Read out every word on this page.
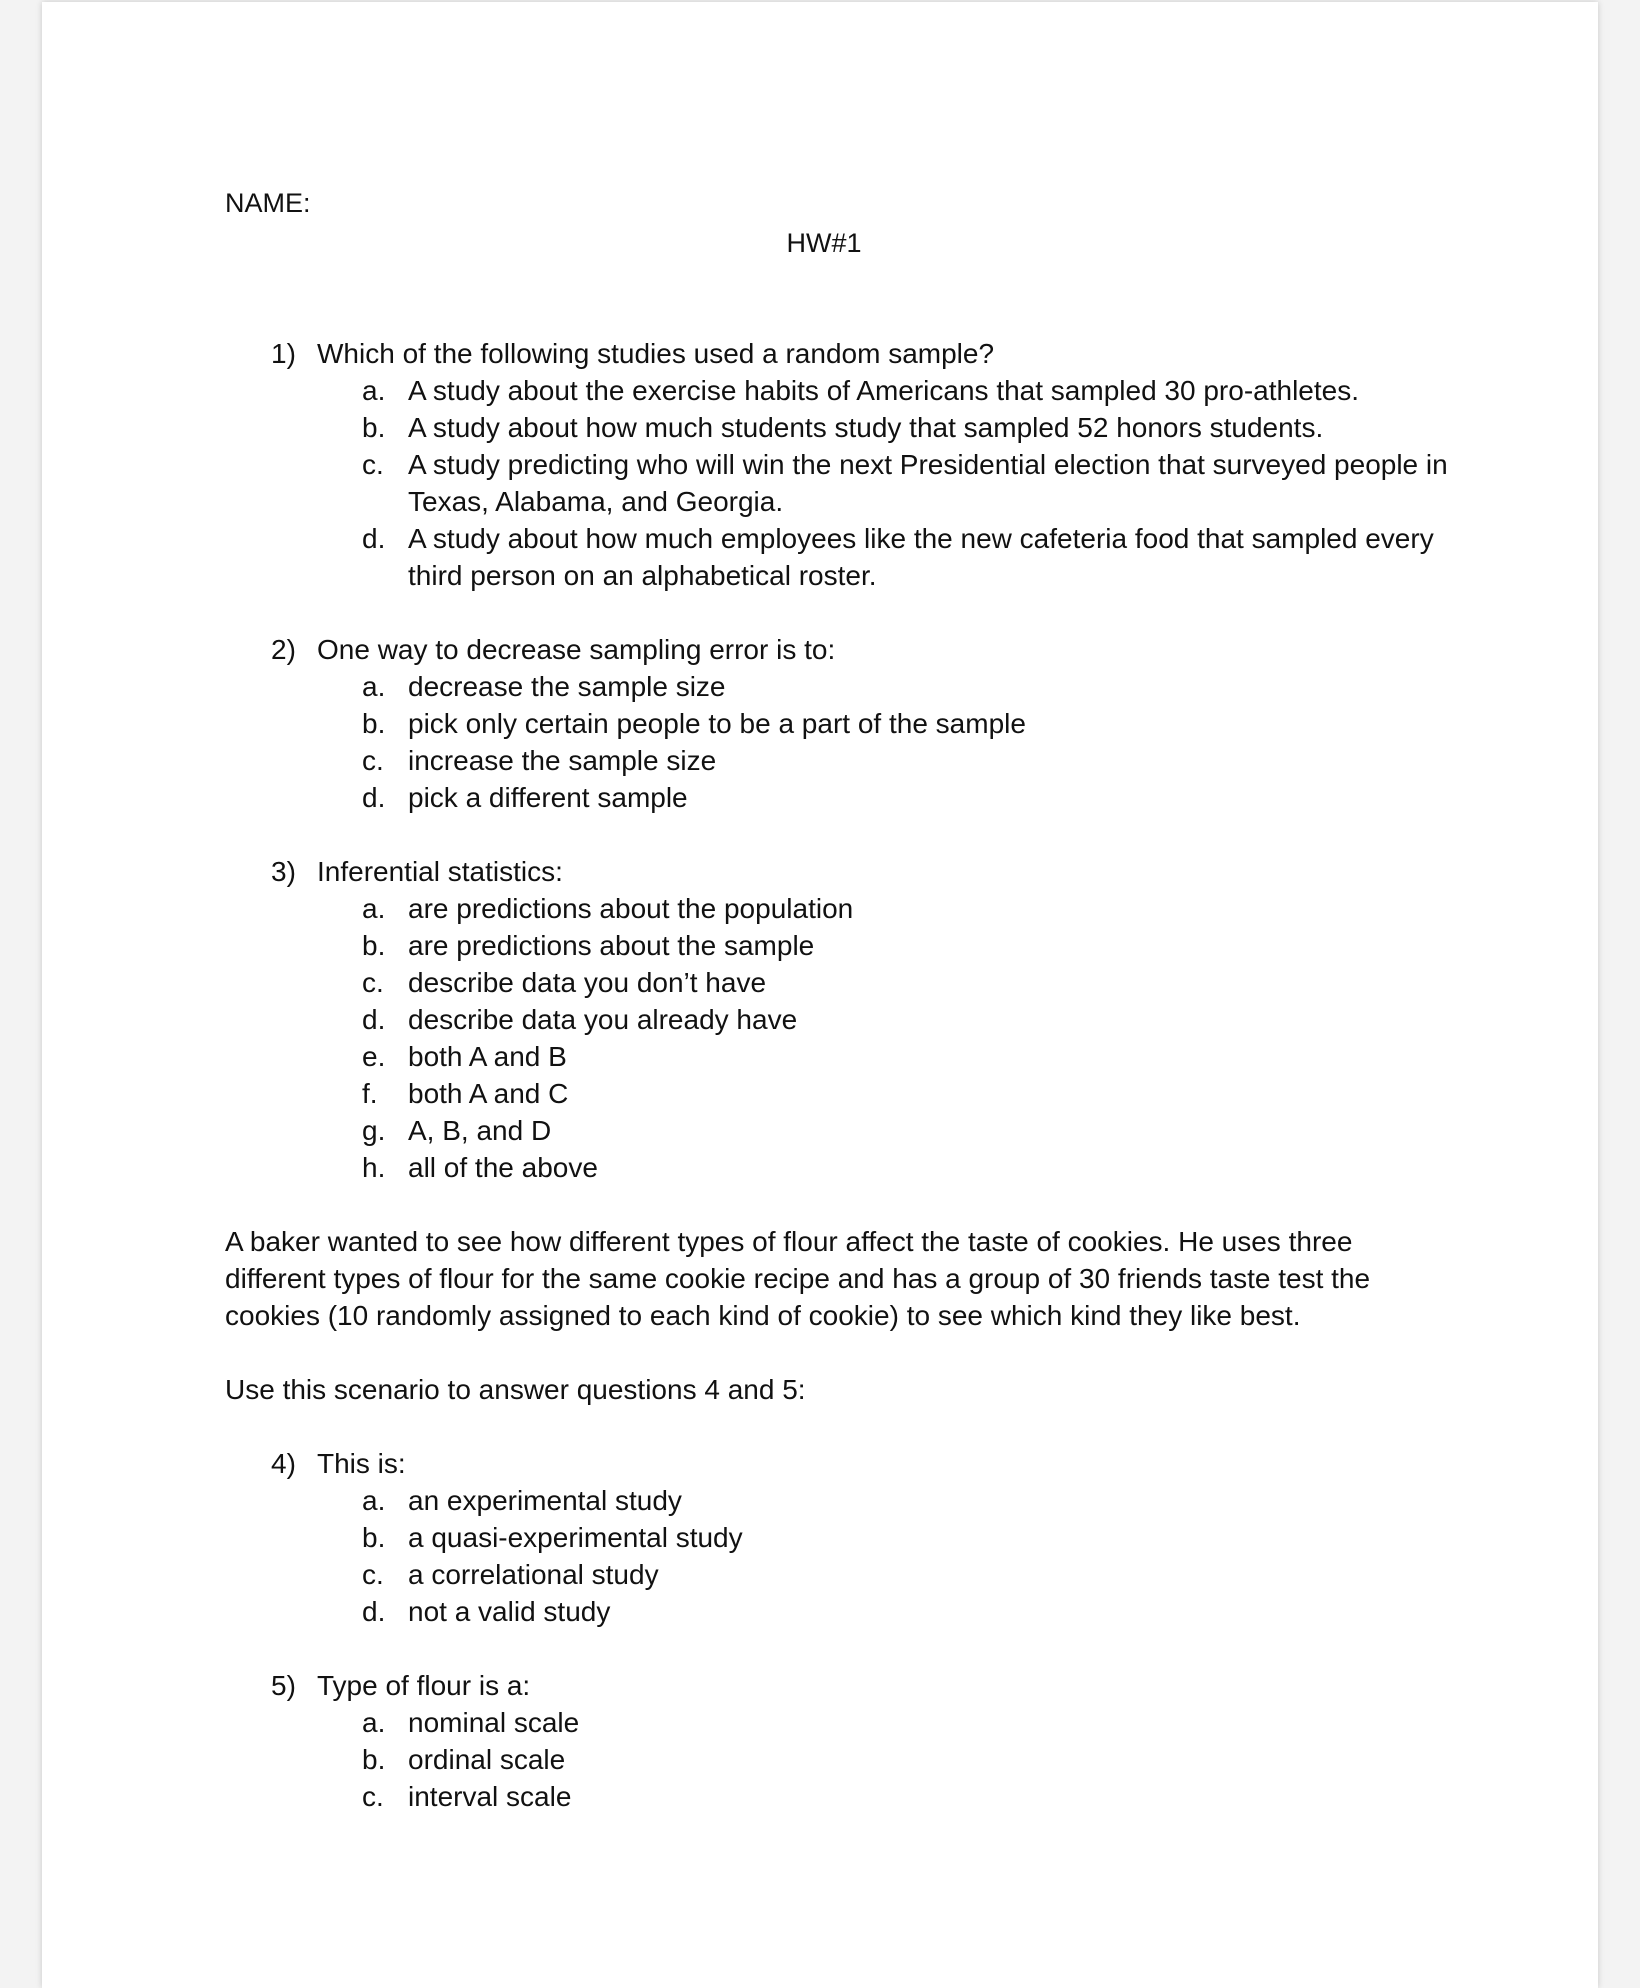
NAME:
HW#1
1) Which of the following studies used a random sample?
a. A study about the exercise habits of Americans that sampled 30 pro-athletes.
b. A study about how much students study that sampled 52 honors students.
c. A study predicting who will win the next Presidential election that surveyed people in Texas, Alabama, and Georgia.
d. A study about how much employees like the new cafeteria food that sampled every third person on an alphabetical roster.
2) One way to decrease sampling error is to:
a. decrease the sample size
b. pick only certain people to be a part of the sample
c. increase the sample size
d. pick a different sample
3) Inferential statistics:
a. are predictions about the population
b. are predictions about the sample
c. describe data you don’t have
d. describe data you already have
e. both A and B
f.	both A and C
g. A, B, and D
h. all of the above

A baker wanted to see how different types of flour affect the taste of cookies. He uses three different types of flour for the same cookie recipe and has a group of 30 friends taste test the cookies (10 randomly assigned to each kind of cookie) to see which kind they like best.

Use this scenario to answer questions 4 and 5:

4) This is:
a. an experimental study
b. a quasi-experimental study
c. a correlational study
d. not a valid study
5) Type of flour is a:
a. nominal scale
b. ordinal scale
c. interval scale
